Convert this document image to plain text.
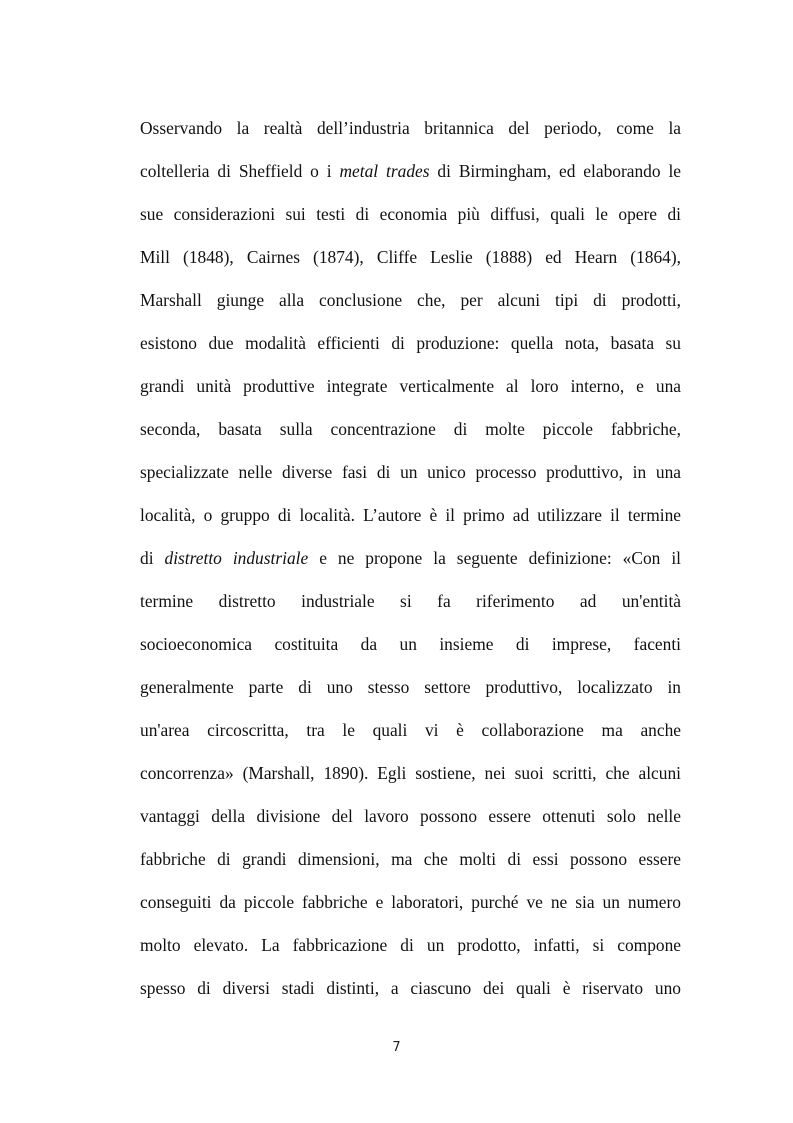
Osservando la realtà dell’industria britannica del periodo, come la
coltelleria di Sheffield o i metal trades di Birmingham, ed elaborando le
sue considerazioni sui testi di economia più diffusi, quali le opere di
Mill (1848), Cairnes (1874), Cliffe Leslie (1888) ed Hearn (1864),
Marshall giunge alla conclusione che, per alcuni tipi di prodotti,
esistono due modalità efficienti di produzione: quella nota, basata su
grandi unità produttive integrate verticalmente al loro interno, e una
seconda, basata sulla concentrazione di molte piccole fabbriche,
specializzate nelle diverse fasi di un unico processo produttivo, in una
località, o gruppo di località. L’autore è il primo ad utilizzare il termine
di distretto industriale e ne propone la seguente definizione: «Con il
termine distretto industriale si fa riferimento ad un'entità
socioeconomica costituita da un insieme di imprese, facenti
generalmente parte di uno stesso settore produttivo, localizzato in
un'area circoscritta, tra le quali vi è collaborazione ma anche
concorrenza» (Marshall, 1890). Egli sostiene, nei suoi scritti, che alcuni
vantaggi della divisione del lavoro possono essere ottenuti solo nelle
fabbriche di grandi dimensioni, ma che molti di essi possono essere
conseguiti da piccole fabbriche e laboratori, purché ve ne sia un numero
molto elevato. La fabbricazione di un prodotto, infatti, si compone
spesso di diversi stadi distinti, a ciascuno dei quali è riservato uno
7
